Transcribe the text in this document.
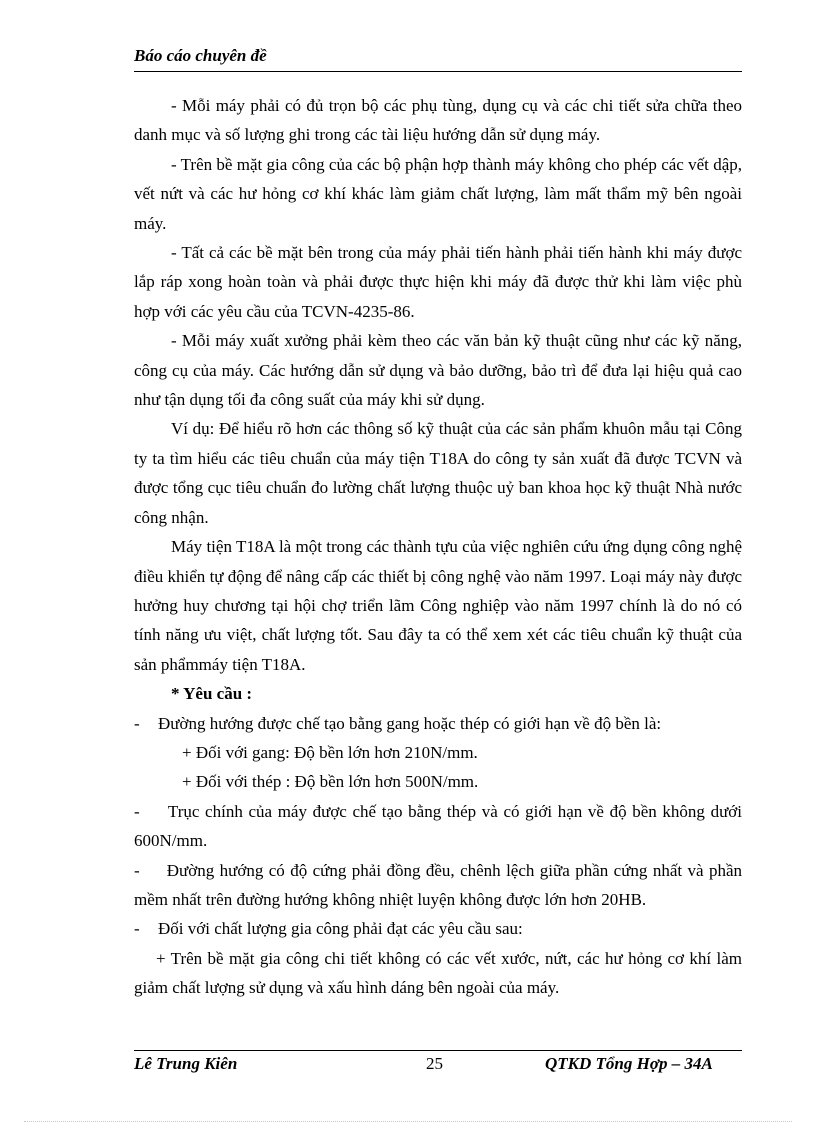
Báo cáo chuyên đề

- Mỗi máy phải có đủ trọn bộ các phụ tùng, dụng cụ và các chi tiết sửa chữa theo danh mục và số lượng ghi trong các tài liệu hướng dẫn sử dụng máy.

- Trên bề mặt gia công của các bộ phận hợp thành máy không cho phép các vết dập, vết nứt và các hư hỏng cơ khí khác làm giảm chất lượng, làm mất thẩm mỹ bên ngoài máy.

- Tất cả các bề mặt bên trong của máy phải tiến hành phải tiến hành khi máy được lắp ráp xong hoàn toàn và phải được thực hiện khi máy đã được thử khi làm việc phù hợp với các yêu cầu của TCVN-4235-86.

- Mỗi máy xuất xưởng phải kèm theo các văn bản kỹ thuật cũng như các kỹ năng, công cụ của máy. Các hướng dẫn sử dụng và bảo dưỡng, bảo trì để đưa lại hiệu quả cao như tận dụng tối đa công suất của máy khi sử dụng.

Ví dụ: Để hiểu rõ hơn các thông số kỹ thuật của các sản phẩm khuôn mẫu tại Công ty ta tìm hiểu các tiêu chuẩn của máy tiện T18A do công ty sản xuất đã được TCVN và được tổng cục tiêu chuẩn đo lường chất lượng thuộc uỷ ban khoa học kỹ thuật Nhà nước công nhận.

Máy tiện T18A là một trong các thành tựu của việc nghiên cứu ứng dụng công nghệ điều khiển tự động để nâng cấp các thiết bị công nghệ vào năm 1997. Loại máy này được hưởng huy chương tại hội chợ triển lãm Công nghiệp vào năm 1997 chính là do nó có tính năng ưu việt, chất lượng tốt. Sau đây ta có thể xem xét các tiêu chuẩn kỹ thuật của sản phẩmmáy tiện T18A.

* Yêu cầu :

- Đường hướng được chế tạo bằng gang hoặc thép có giới hạn về độ bền là:

+ Đối với gang: Độ bền lớn hơn 210N/mm.

+ Đối với thép : Độ bền lớn hơn 500N/mm.

- Trục chính của máy được chế tạo bằng thép và có giới hạn về độ bền không dưới 600N/mm.

- Đường hướng có độ cứng phải đồng đều, chênh lệch giữa phần cứng nhất và phần mềm nhất trên đường hướng không nhiệt luyện không được lớn hơn 20HB.

- Đối với chất lượng gia công phải đạt các yêu cầu sau:

+ Trên bề mặt gia công chi tiết không có các vết xước, nứt, các hư hỏng cơ khí làm giảm chất lượng sử dụng và xấu hình dáng bên ngoài của máy.

Lê Trung Kiên	25	QTKD Tổng Hợp – 34A
